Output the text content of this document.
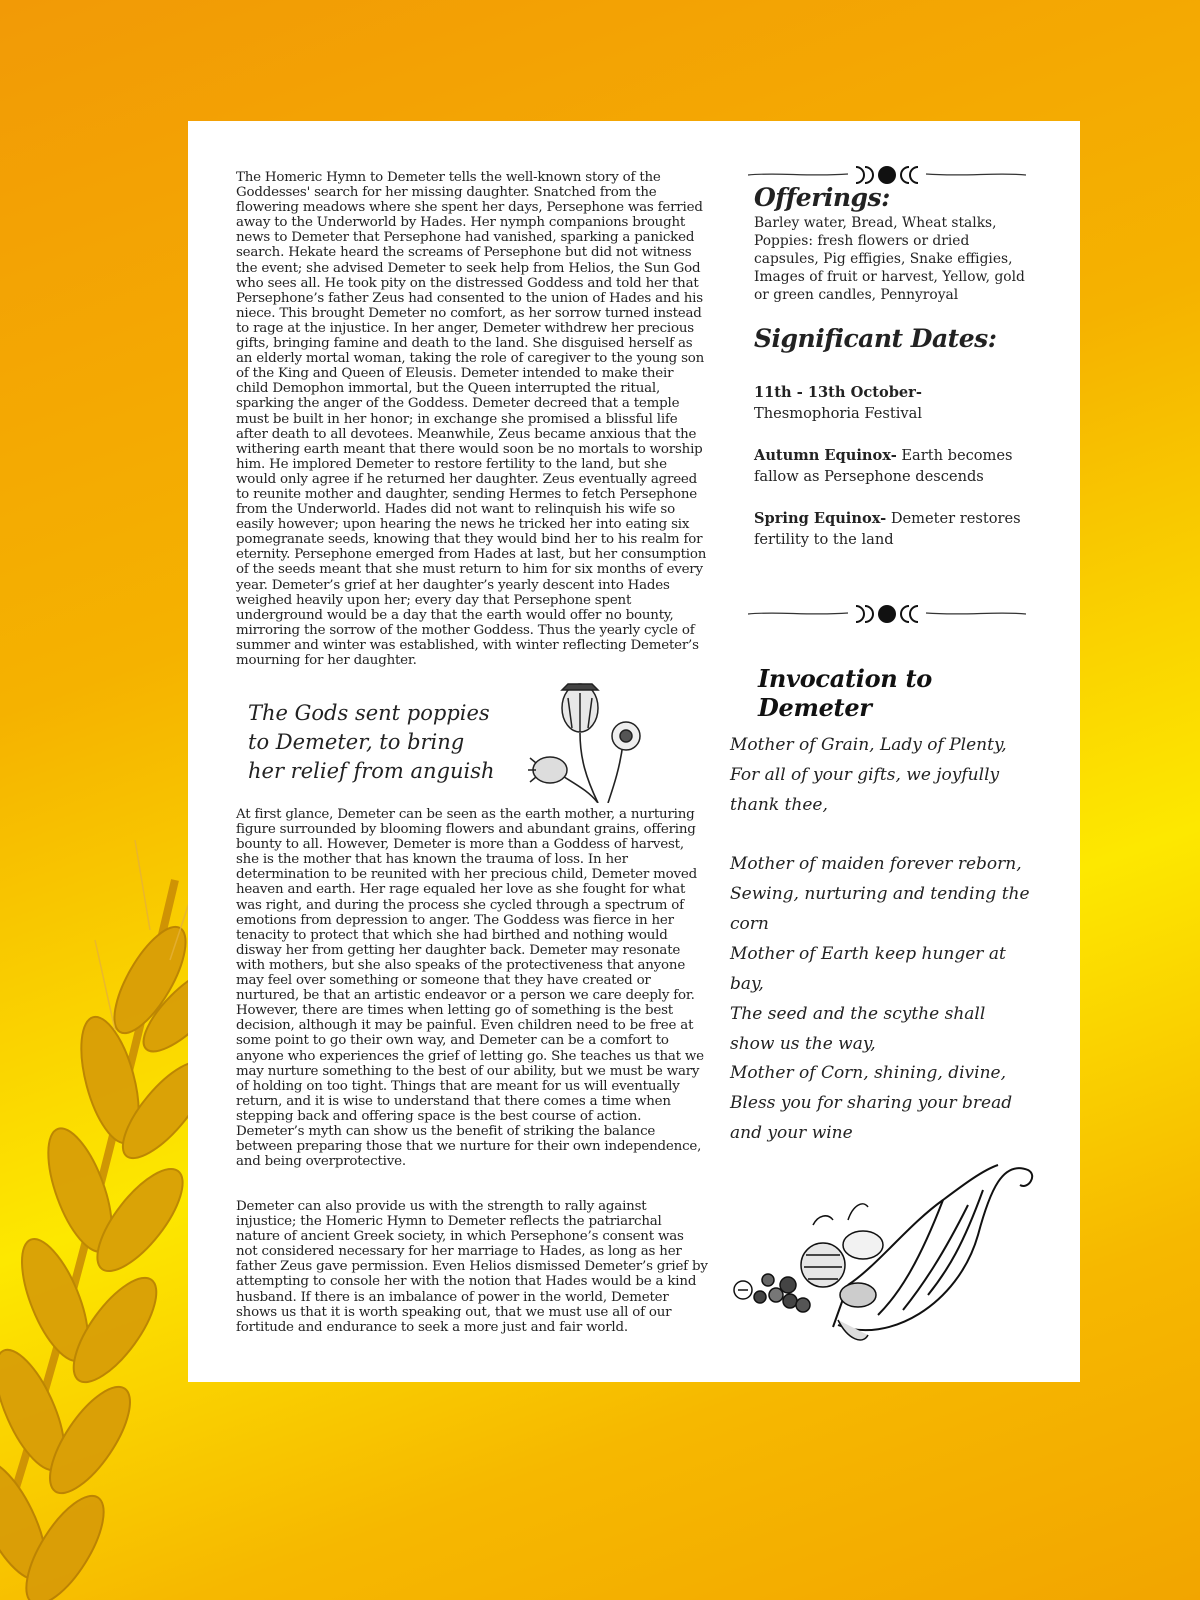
The Homeric Hymn to Demeter tells the well-known story of the Goddesses' search for her missing daughter. Snatched from the flowering meadows where she spent her days, Persephone was ferried away to the Underworld by Hades. Her nymph companions brought news to Demeter that Persephone had vanished, sparking a panicked search. Hekate heard the screams of Persephone but did not witness the event; she advised Demeter to seek help from Helios, the Sun God who sees all. He took pity on the distressed Goddess and told her that Persephone’s father Zeus had consented to the union of Hades and his niece. This brought Demeter no comfort, as her sorrow turned instead to rage at the injustice. In her anger, Demeter withdrew her precious gifts, bringing famine and death to the land. She disguised herself as an elderly mortal woman, taking the role of caregiver to the young son of the King and Queen of Eleusis. Demeter intended to make their child Demophon immortal, but the Queen interrupted the ritual, sparking the anger of the Goddess. Demeter decreed that a temple must be built in her honor; in exchange she promised a blissful life after death to all devotees. Meanwhile, Zeus became anxious that the withering earth meant that there would soon be no mortals to worship him. He implored Demeter to restore fertility to the land, but she would only agree if he returned her daughter. Zeus eventually agreed to reunite mother and daughter, sending Hermes to fetch Persephone from the Underworld. Hades did not want to relinquish his wife so easily however; upon hearing the news he tricked her into eating six pomegranate seeds, knowing that they would bind her to his realm for eternity. Persephone emerged from Hades at last, but her consumption of the seeds meant that she must return to him for six months of every year. Demeter’s grief at her daughter’s yearly descent into Hades weighed heavily upon her; every day that Persephone spent underground would be a day that the earth would offer no bounty, mirroring the sorrow of the mother Goddess. Thus the yearly cycle of summer and winter was established, with winter reflecting Demeter’s mourning for her daughter.

The Gods sent poppies to Demeter, to bring her relief from anguish

At first glance, Demeter can be seen as the earth mother, a nurturing figure surrounded by blooming flowers and abundant grains, offering bounty to all. However, Demeter is more than a Goddess of harvest, she is the mother that has known the trauma of loss. In her determination to be reunited with her precious child, Demeter moved heaven and earth. Her rage equaled her love as she fought for what was right, and during the process she cycled through a spectrum of emotions from depression to anger. The Goddess was fierce in her tenacity to protect that which she had birthed and nothing would disway her from getting her daughter back. Demeter may resonate with mothers, but she also speaks of the protectiveness that anyone may feel over something or someone that they have created or nurtured, be that an artistic endeavor or a person we care deeply for. However, there are times when letting go of something is the best decision, although it may be painful. Even children need to be free at some point to go their own way, and Demeter can be a comfort to anyone who experiences the grief of letting go. She teaches us that we may nurture something to the best of our ability, but we must be wary of holding on too tight. Things that are meant for us will eventually return, and it is wise to understand that there comes a time when stepping back and offering space is the best course of action. Demeter’s myth can show us the benefit of striking the balance between preparing those that we nurture for their own independence, and being overprotective.

Demeter can also provide us with the strength to rally against injustice; the Homeric Hymn to Demeter reflects the patriarchal nature of ancient Greek society, in which Persephone’s consent was not considered necessary for her marriage to Hades, as long as her father Zeus gave permission. Even Helios dismissed Demeter’s grief by attempting to console her with the notion that Hades would be a kind husband. If there is an imbalance of power in the world, Demeter shows us that it is worth speaking out, that we must use all of our fortitude and endurance to seek a more just and fair world.

Offerings:
Barley water, Bread, Wheat stalks, Poppies: fresh flowers or dried capsules, Pig effigies, Snake effigies, Images of fruit or harvest, Yellow, gold or green candles, Pennyroyal
Significant Dates:
11th - 13th October-
Thesmophoria Festival
Autumn Equinox- Earth becomes fallow as Persephone descends
Spring Equinox- Demeter restores fertility to the land
Invocation to Demeter
Mother of Grain, Lady of Plenty,
For all of your gifts, we joyfully thank thee,
Mother of maiden forever reborn,
Sewing, nurturing and tending the corn
Mother of Earth keep hunger at bay,
The seed and the scythe shall show us the way,
Mother of Corn, shining, divine,
Bless you for sharing your bread and your wine
